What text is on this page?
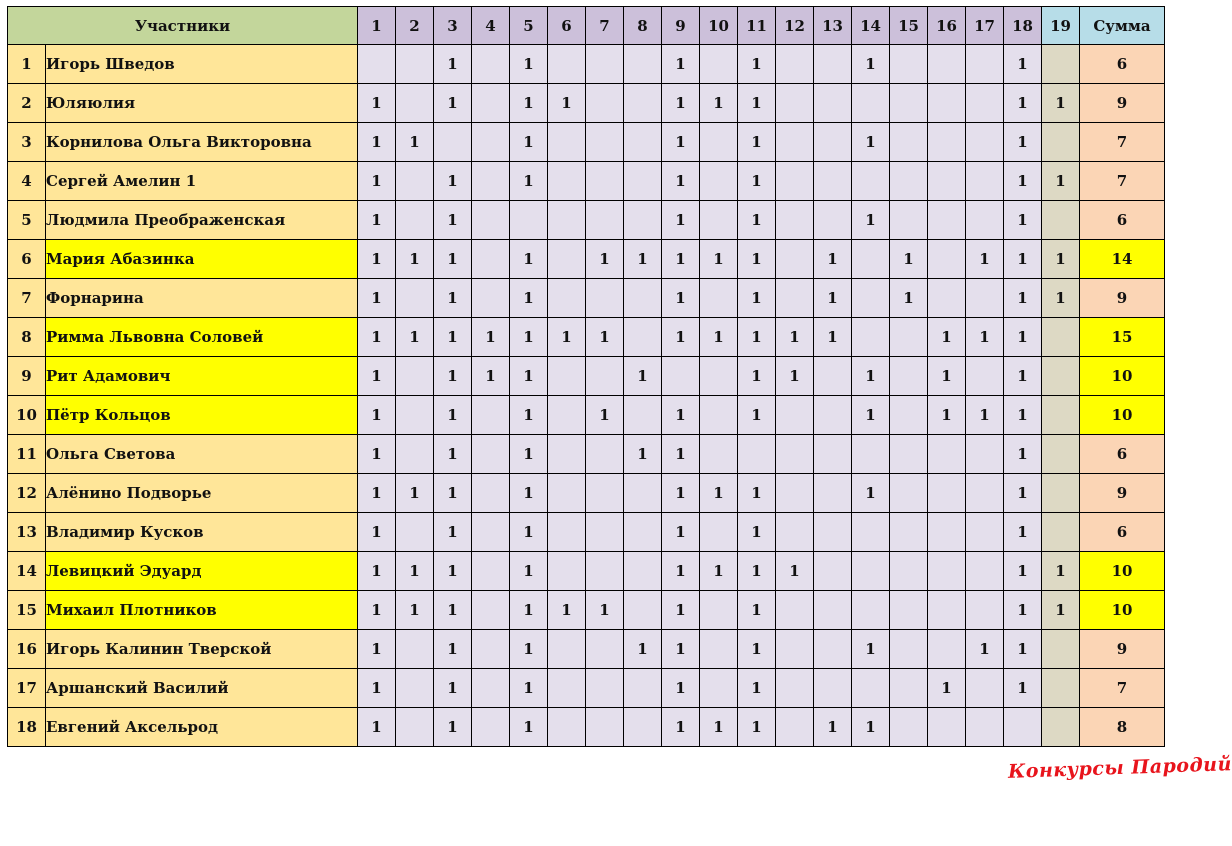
Участники		1	2	3	4	5	6	7	8	9	10	11	12	13	14	15	16	17	18	19	Сумма
1	Игорь Шведов			1		1				1		1			1				1		6
2	Юляюлия	1		1		1	1			1	1	1							1	1	9
3	Корнилова Ольга Викторовна	1	1			1				1		1			1				1		7
4	Сергей Амелин 1	1		1		1				1		1							1	1	7
5	Людмила Преображенская	1		1						1		1			1				1		6
6	Мария Абазинка	1	1	1		1		1	1	1	1	1		1		1		1	1	1	14
7	Форнарина	1		1		1				1		1		1		1			1	1	9
8	Римма Львовна Соловей	1	1	1	1	1	1	1		1	1	1	1	1			1	1	1		15
9	Рит Адамович	1		1	1	1			1			1	1		1		1		1		10
10	Пётр Кольцов	1		1		1		1		1		1			1		1	1	1		10
11	Ольга Светова	1		1		1			1	1									1		6
12	Алёнино Подворье	1	1	1		1				1	1	1			1				1		9
13	Владимир Кусков	1		1		1				1		1							1		6
14	Левицкий Эдуард	1	1	1		1				1	1	1	1						1	1	10
15	Михаил Плотников	1	1	1		1	1	1		1		1							1	1	10
16	Игорь Калинин Тверской	1		1		1			1	1		1			1			1	1		9
17	Аршанский Василий	1		1		1				1		1					1		1		7
18	Евгений Аксельрод	1		1		1				1	1	1		1	1						8
Конкурсы Пародий
